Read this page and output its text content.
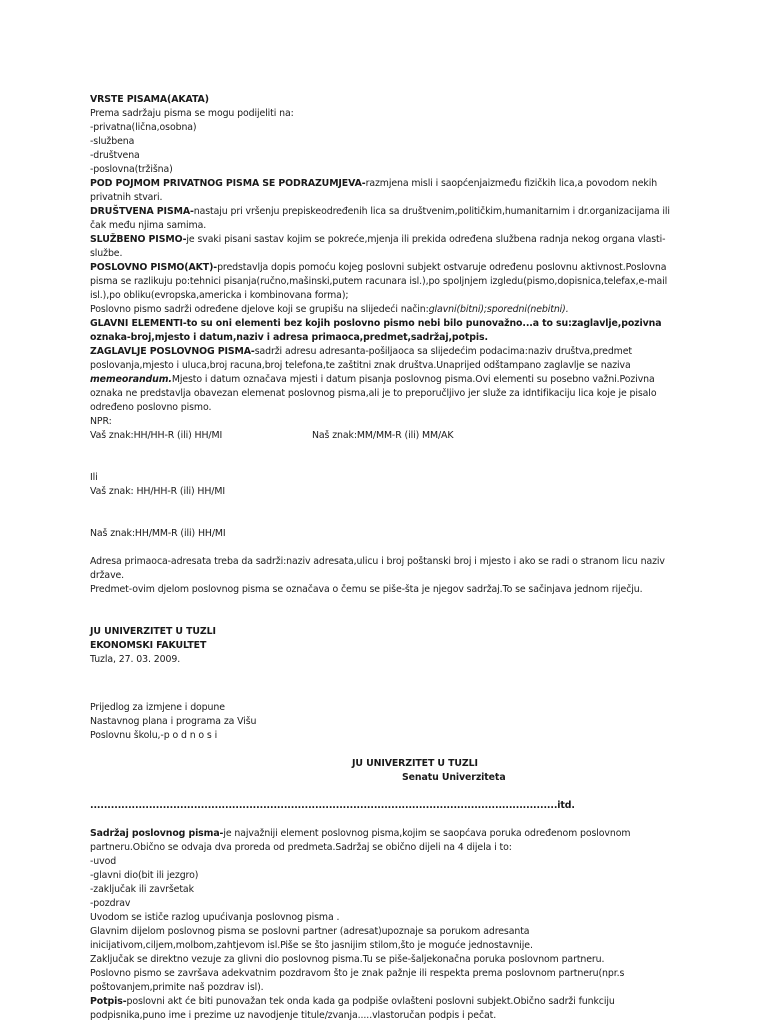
VRSTE PISAMA(AKATA)
Prema sadržaju pisma se mogu podijeliti na:
-privatna(lična,osobna)
-službena
-društvena
-poslovna(tržišna)
POD POJMOM PRIVATNOG PISMA SE PODRAZUMJEVA-razmjena misli i saopćenjaizmeđu fizičkih lica,a povodom nekih privatnih stvari.
DRUŠTVENA PISMA-nastaju pri vršenju prepiskeodređenih lica sa društvenim,političkim,humanitarnim i dr.organizacijama ili čak među njima samima.
SLUŽBENO PISMO-je svaki pisani sastav kojim se pokreće,mjenja ili prekida određena službena radnja nekog organa vlasti-službe.
POSLOVNO PISMO(AKT)-predstavlja dopis pomoću kojeg poslovni subjekt ostvaruje određenu poslovnu aktivnost.Poslovna pisma se razlikuju po:tehnici pisanja(ručno,mašinski,putem racunara isl.),po spoljnjem izgledu(pismo,dopisnica,telefax,e-mail isl.),po obliku(evropska,americka i kombinovana forma);
Poslovno pismo sadrži određene djelove koji se grupišu na slijedeći način:glavni(bitni);sporedni(nebitni).
GLAVNI ELEMENTI-to su oni elementi bez kojih poslovno pismo nebi bilo punovažno...a to su:zaglavlje,pozivna oznaka-broj,mjesto i datum,naziv i adresa primaoca,predmet,sadržaj,potpis.
ZAGLAVLJE POSLOVNOG PISMA-sadrži adresu adresanta-pošiljaoca sa slijedećim podacima:naziv društva,predmet poslovanja,mjesto i uluca,broj racuna,broj telefona,te zaštitni znak društva.Unaprijed odštampano zaglavlje se naziva memeorandum.Mjesto i datum označava mjesti i datum pisanja poslovnog pisma.Ovi elementi su posebno važni.Pozivna oznaka ne predstavlja obavezan elemenat poslovnog pisma,ali je to preporučljivo jer služe za idntifikaciju lica koje je pisalo određeno poslovno pismo.
NPR:
Vaš znak:HH/HH-R (ili) HH/MI	Naš znak:MM/MM-R (ili) MM/AK
Ili
Vaš znak: HH/HH-R (ili) HH/MI
Naš znak:HH/MM-R (ili) HH/MI
Adresa primaoca-adresata treba da sadrži:naziv adresata,ulicu i broj poštanski broj i mjesto i ako se radi o stranom licu naziv države.
Predmet-ovim djelom poslovnog pisma se označava o čemu se piše-šta je njegov sadržaj.To se sačinjava jednom riječju.
JU UNIVERZITET U TUZLI
EKONOMSKI FAKULTET
Tuzla, 27. 03. 2009.
Prijedlog za izmjene i dopune
Nastavnog plana i programa za Višu
Poslovnu školu,-p o d n o s i
JU UNIVERZITET U TUZLI
Senatu Univerziteta
.......................................................................................................................................itd.
Sadržaj poslovnog pisma-je najvažniji element poslovnog pisma,kojim se saopćava poruka određenom poslovnom partneru.Obično se odvaja dva proreda od predmeta.Sadržaj se obično dijeli na 4 dijela i to:
-uvod
-glavni dio(bit ili jezgro)
-zaključak ili završetak
-pozdrav
Uvodom se ističe razlog upućivanja poslovnog pisma .
Glavnim dijelom poslovnog pisma se poslovni partner (adresat)upoznaje sa porukom adresanta inicijativom,ciljem,molbom,zahtjevom isl.Piše se što jasnijim stilom,što je moguće jednostavnije.
Zaključak se direktno vezuje za glivni dio poslovnog pisma.Tu se piše-šaljekonačna poruka poslovnom partneru.
Poslovno pismo se završava adekvatnim pozdravom što je znak pažnje ili respekta prema poslovnom partneru(npr.s poštovanjem,primite naš pozdrav isl).
Potpis-poslovni akt će biti punovažan tek onda kada ga podpiše ovlašteni poslovni subjekt.Obično sadrži funkciju podpisnika,puno ime i prezime uz navodjenje titule/zvanja.....vlastoručan podpis i pečat.
